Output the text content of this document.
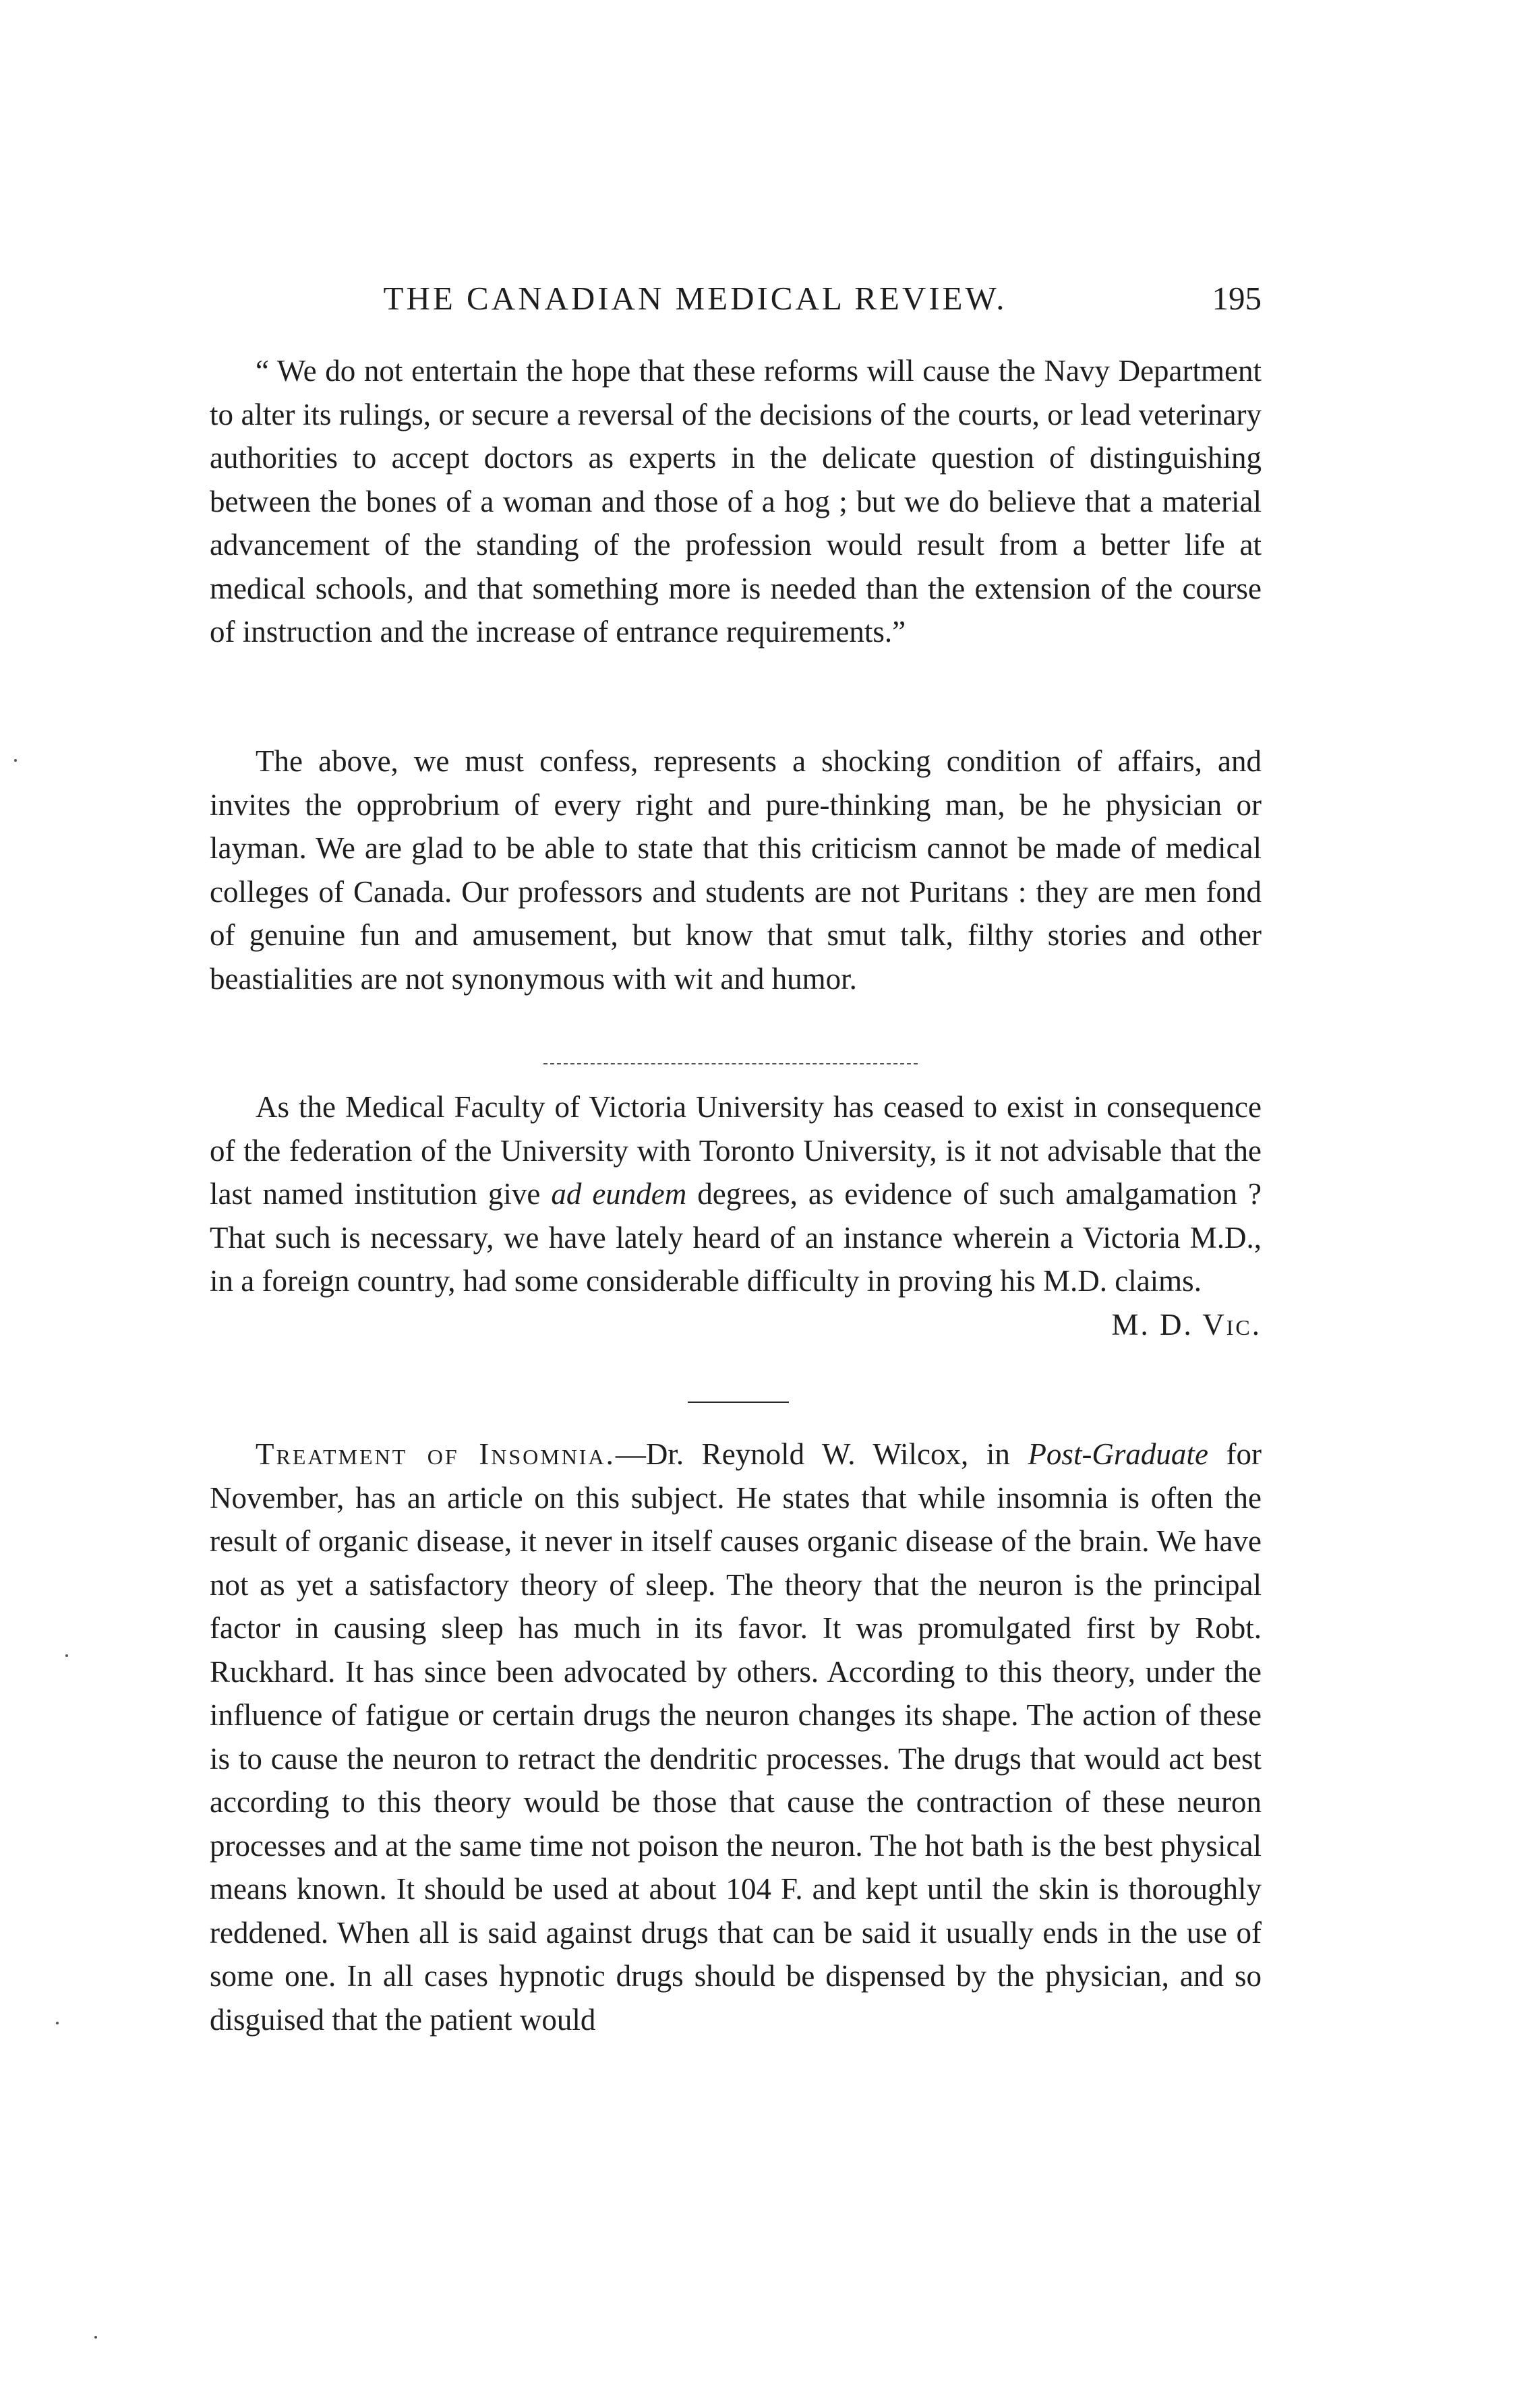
THE CANADIAN MEDICAL REVIEW.	195

“ We do not entertain the hope that these reforms will cause the Navy Department to alter its rulings, or secure a reversal of the decisions of the courts, or lead veterinary authorities to accept doctors as experts in the delicate question of distinguishing between the bones of a woman and those of a hog ; but we do believe that a material advancement of the standing of the profession would result from a better life at medical schools, and that something more is needed than the extension of the course of instruction and the increase of entrance requirements.”

The above, we must confess, represents a shocking condition of affairs, and invites the opprobrium of every right and pure-thinking man, be he physician or layman. We are glad to be able to state that this criticism cannot be made of medical colleges of Canada. Our professors and students are not Puritans : they are men fond of genuine fun and amusement, but know that smut talk, filthy stories and other beastialities are not synonymous with wit and humor.

As the Medical Faculty of Victoria University has ceased to exist in consequence of the federation of the University with Toronto University, is it not advisable that the last named institution give ad eundem degrees, as evidence of such amalgamation ? That such is necessary, we have lately heard of an instance wherein a Victoria M.D., in a foreign country, had some considerable difficulty in proving his M.D. claims.
M. D. Vic.

Treatment of Insomnia.—Dr. Reynold W. Wilcox, in Post-Graduate for November, has an article on this subject. He states that while insomnia is often the result of organic disease, it never in itself causes organic disease of the brain. We have not as yet a satisfactory theory of sleep. The theory that the neuron is the principal factor in causing sleep has much in its favor. It was promulgated first by Robt. Ruckhard. It has since been advocated by others. According to this theory, under the influence of fatigue or certain drugs the neuron changes its shape. The action of these is to cause the neuron to retract the dendritic processes. The drugs that would act best according to this theory would be those that cause the contraction of these neuron processes and at the same time not poison the neuron. The hot bath is the best physical means known. It should be used at about 104 F. and kept until the skin is thoroughly reddened. When all is said against drugs that can be said it usually ends in the use of some one. In all cases hypnotic drugs should be dispensed by the physician, and so disguised that the patient would
